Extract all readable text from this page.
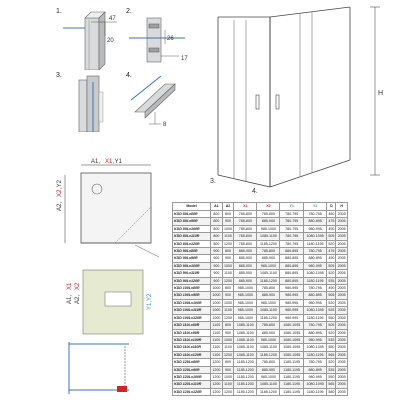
1.
47
20
2.
26
17
3.	4.
8
H
3.
4.
A1, X1 ,Y1
A2,
X2
,Y2
A1,
X1
A2,
X2
Y1,Y2
Model	A1	A2	X1	X2	Y1	Y2	D	H
KDD 80Lx80R	800	800	785-800	785-800	780-795	780-795	460	2005
KDD 80Lx90R	800	900	785-800	885-900	780-795	880-895	475	2005
KDD 80Lx100R	800	1000	785-800	985-1000	780-795	980-995	490	2005
KDD 80Lx110R	800	1100	785-800	1085-1100	780-795	1080-1095	505	2005
KDD 80Lx120R	800	1200	785-800	1185-1200	780-795	1180-1195	520	2005
KDD 90Lx80R	900	800	885-900	785-800	880-895	780-795	475	2005
KDD 90Lx90R	900	900	885-900	885-900	880-895	880-895	490	2005
KDD 90Lx100R	900	1000	885-900	985-1000	880-895	980-995	505	2005
KDD 90Lx110R	900	1100	885-900	1085-1100	880-895	1080-1095	520	2005
KDD 90Lx120R	900	1200	885-900	1185-1200	880-895	1180-1195	535	2005
KDD 100Lx80R	1000	800	985-1000	785-800	980-995	780-795	490	2005
KDD 100Lx90R	1000	900	985-1000	885-900	980-995	880-895	505	2005
KDD 100Lx100R	1000	1000	985-1000	985-1000	980-995	980-995	520	2005
KDD 100Lx110R	1000	1100	985-1000	1085-1100	980-995	1080-1095	535	2005
KDD 100Lx120R	1000	1200	985-1000	1185-1200	980-995	1180-1195	550	2005
KDD 110Lx80R	1100	800	1085-1100	785-800	1080-1095	780-795	505	2005
KDD 110Lx90R	1100	900	1085-1100	885-900	1080-1095	880-895	520	2005
KDD 110Lx100R	1100	1000	1085-1100	985-1000	1080-1095	980-995	535	2005
KDD 110Lx110R	1100	1100	1085-1100	1085-1100	1080-1095	1080-1095	550	2005
KDD 110Lx120R	1100	1200	1085-1100	1185-1200	1080-1095	1180-1195	565	2005
KDD 120Lx80R	1200	800	1185-1200	785-800	1180-1195	780-795	520	2005
KDD 120Lx90R	1200	900	1185-1200	885-900	1180-1195	880-895	535	2005
KDD 120Lx100R	1200	1000	1185-1200	985-1000	1180-1195	980-995	550	2005
KDD 120Lx110R	1200	1100	1185-1200	1085-1100	1180-1195	1080-1095	565	2005
KDD 120Lx120R	1200	1200	1185-1200	1185-1200	1180-1195	1180-1195	580	2005
